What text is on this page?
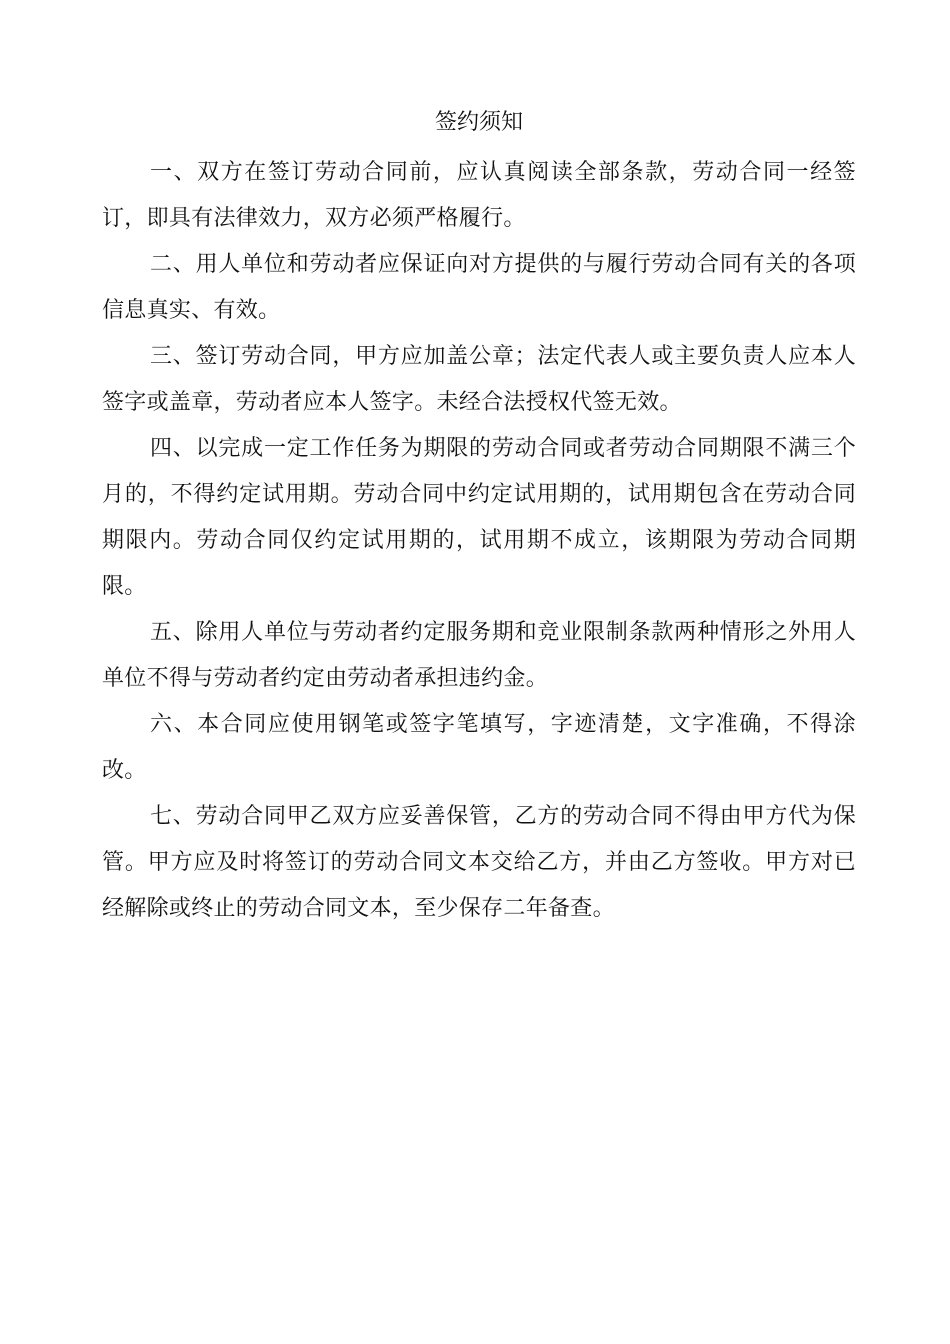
签约须知

一、双方在签订劳动合同前，应认真阅读全部条款，劳动合同一经签订，即具有法律效力，双方必须严格履行。

二、用人单位和劳动者应保证向对方提供的与履行劳动合同有关的各项信息真实、有效。

三、签订劳动合同，甲方应加盖公章；法定代表人或主要负责人应本人签字或盖章，劳动者应本人签字。未经合法授权代签无效。

四、以完成一定工作任务为期限的劳动合同或者劳动合同期限不满三个月的，不得约定试用期。劳动合同中约定试用期的，试用期包含在劳动合同期限内。劳动合同仅约定试用期的，试用期不成立，该期限为劳动合同期限。

五、除用人单位与劳动者约定服务期和竞业限制条款两种情形之外用人单位不得与劳动者约定由劳动者承担违约金。

六、本合同应使用钢笔或签字笔填写，字迹清楚，文字准确，不得涂改。

七、劳动合同甲乙双方应妥善保管，乙方的劳动合同不得由甲方代为保管。甲方应及时将签订的劳动合同文本交给乙方，并由乙方签收。甲方对已经解除或终止的劳动合同文本，至少保存二年备查。
